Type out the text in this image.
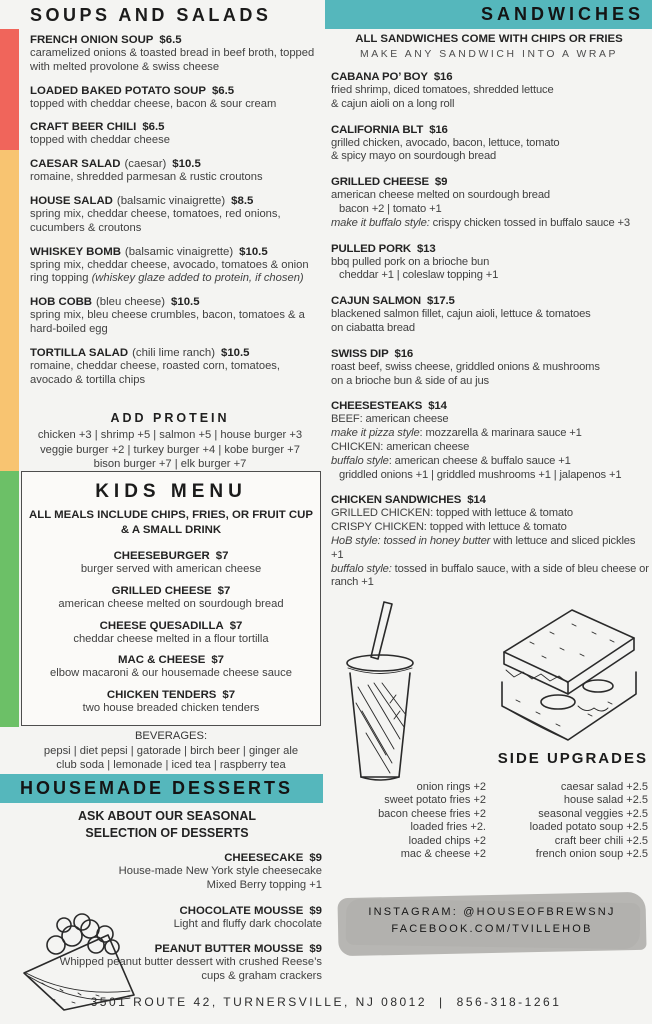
SOUPS AND SALADS
FRENCH ONION SOUP $6.5
caramelized onions & toasted bread in beef broth, topped with melted provolone & swiss cheese
LOADED BAKED POTATO SOUP $6.5
topped with cheddar cheese, bacon & sour cream
CRAFT BEER CHILI $6.5
topped with cheddar cheese
CAESAR SALAD (caesar) $10.5
romaine, shredded parmesan & rustic croutons
HOUSE SALAD (balsamic vinaigrette) $8.5
spring mix, cheddar cheese, tomatoes, red onions, cucumbers & croutons
WHISKEY BOMB (balsamic vinaigrette) $10.5
spring mix, cheddar cheese, avocado, tomatoes & onion ring topping (whiskey glaze added to protein, if chosen)
HOB COBB (bleu cheese) $10.5
spring mix, bleu cheese crumbles, bacon, tomatoes & a hard-boiled egg
TORTILLA SALAD (chili lime ranch) $10.5
romaine, cheddar cheese, roasted corn, tomatoes, avocado & tortilla chips
ADD PROTEIN
chicken +3 | shrimp +5 | salmon +5 | house burger +3
veggie burger +2 | turkey burger +4 | kobe burger +7
bison burger +7 | elk burger +7
KIDS MENU
ALL MEALS INCLUDE CHIPS, FRIES, OR FRUIT CUP
& A SMALL DRINK
CHEESEBURGER $7
burger served with american cheese
GRILLED CHEESE $7
american cheese melted on sourdough bread
CHEESE QUESADILLA $7
cheddar cheese melted in a flour tortilla
MAC & CHEESE $7
elbow macaroni & our housemade cheese sauce
CHICKEN TENDERS $7
two house breaded chicken tenders
BEVERAGES:
pepsi | diet pepsi | gatorade | birch beer | ginger ale
club soda | lemonade | iced tea | raspberry tea
HOUSEMADE DESSERTS
ASK ABOUT OUR SEASONAL
SELECTION OF DESSERTS
CHEESECAKE $9
House-made New York style cheesecake
Mixed Berry topping +1
CHOCOLATE MOUSSE $9
Light and fluffy dark chocolate
PEANUT BUTTER MOUSSE $9
Whipped peanut butter dessert with crushed Reese’s cups & graham crackers
SANDWICHES
ALL SANDWICHES COME WITH CHIPS OR FRIES
MAKE ANY SANDWICH INTO A WRAP
CABANA PO’ BOY $16
fried shrimp, diced tomatoes, shredded lettuce
& cajun aioli on a long roll
CALIFORNIA BLT $16
grilled chicken, avocado, bacon, lettuce, tomato
& spicy mayo on sourdough bread
GRILLED CHEESE $9
american cheese melted on sourdough bread
bacon +2 | tomato +1
make it buffalo style: crispy chicken tossed in buffalo sauce +3
PULLED PORK $13
bbq pulled pork on a brioche bun
cheddar +1 | coleslaw topping +1
CAJUN SALMON $17.5
blackened salmon fillet, cajun aioli, lettuce & tomatoes
on ciabatta bread
SWISS DIP $16
roast beef, swiss cheese, griddled onions & mushrooms
on a brioche bun & side of au jus
CHEESESTEAKS $14
BEEF: american cheese
make it pizza style: mozzarella & marinara sauce +1
CHICKEN: american cheese
buffalo style: american cheese & buffalo sauce +1
griddled onions +1 | griddled mushrooms +1 | jalapenos +1
CHICKEN SANDWICHES $14
GRILLED CHICKEN: topped with lettuce & tomato
CRISPY CHICKEN: topped with lettuce & tomato
HoB style: tossed in honey butter with lettuce and sliced pickles +1
buffalo style: tossed in buffalo sauce, with a side of bleu cheese or ranch +1
SIDE UPGRADES
onion rings +2
sweet potato fries +2
bacon cheese fries +2
loaded fries +2.
loaded chips +2
mac & cheese +2
caesar salad +2.5
house salad +2.5
seasonal veggies +2.5
loaded potato soup +2.5
craft beer chili +2.5
french onion soup +2.5
INSTAGRAM: @HOUSEOFBREWSNJ
FACEBOOK.COM/TVILLEHOB
3501 ROUTE 42, TURNERSVILLE, NJ 08012 | 856-318-1261
